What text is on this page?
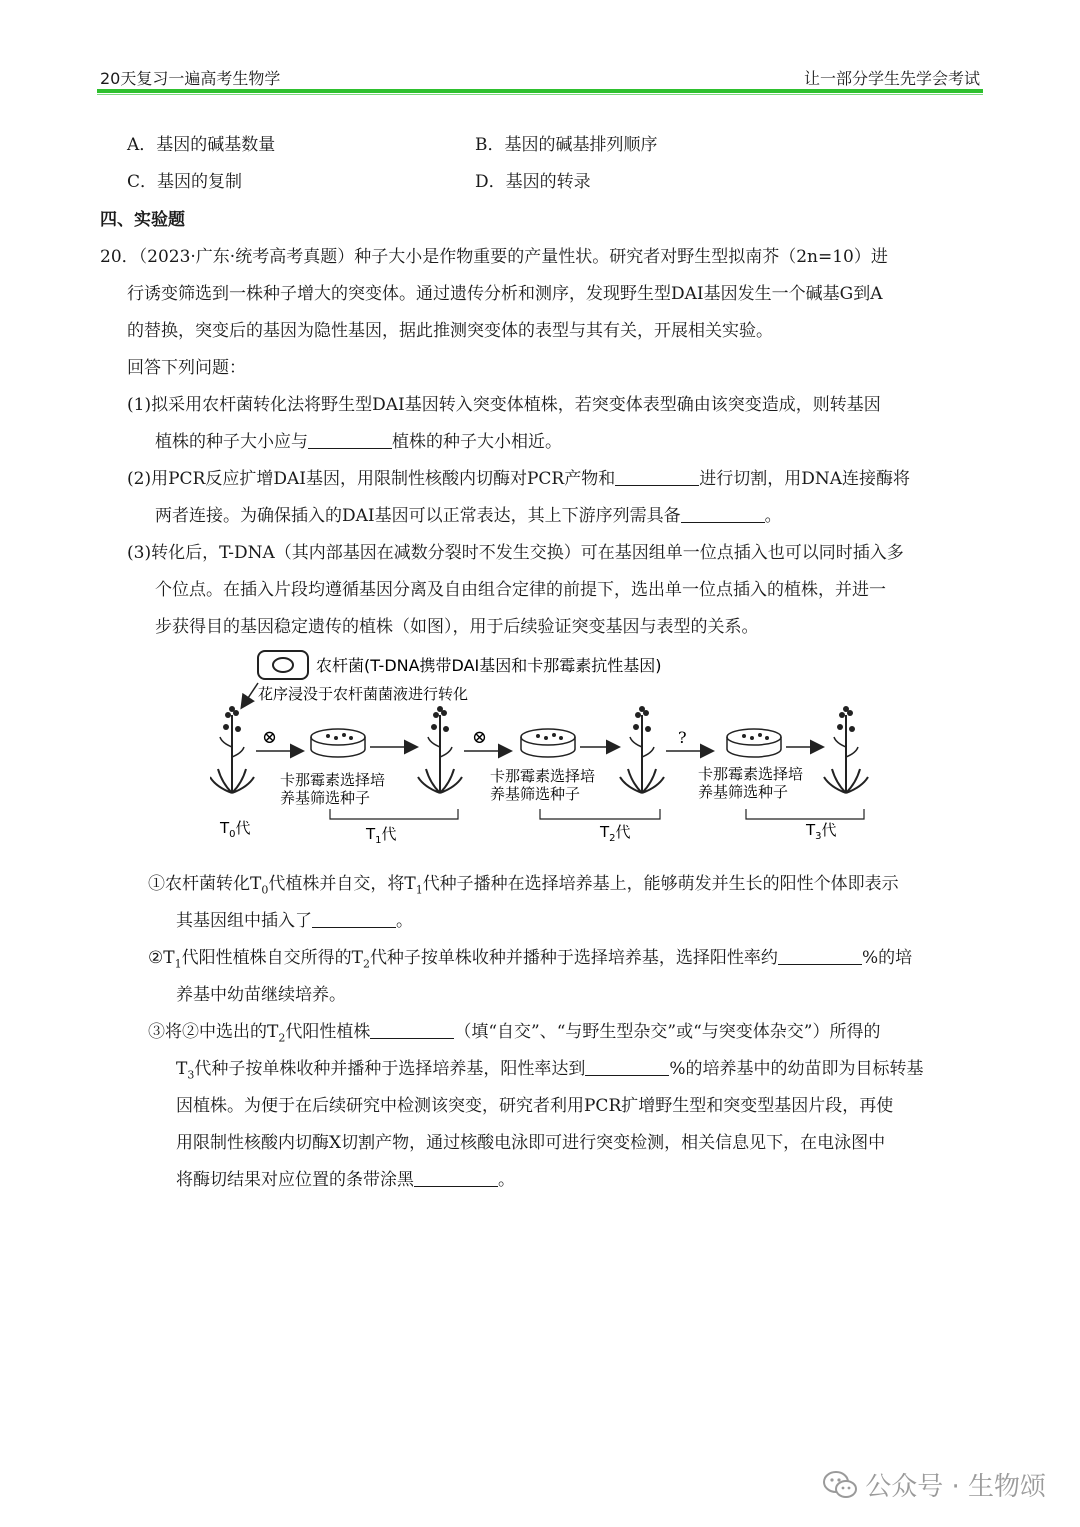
20天复习一遍高考生物学	让一部分学生先学会考试
A．基因的碱基数量	B．基因的碱基排列顺序
C．基因的复制	D．基因的转录
四、实验题
20．（2023·广东·统考高考真题）种子大小是作物重要的产量性状。研究者对野生型拟南芥（2n=10）进
行诱变筛选到一株种子增大的突变体。通过遗传分析和测序，发现野生型DAI基因发生一个碱基G到A
的替换，突变后的基因为隐性基因，据此推测突变体的表型与其有关，开展相关实验。
回答下列问题：
(1)拟采用农杆菌转化法将野生型DAI基因转入突变体植株，若突变体表型确由该突变造成，则转基因
植株的种子大小应与	植株的种子大小相近。
(2)用PCR反应扩增DAI基因，用限制性核酸内切酶对PCR产物和	进行切割，用DNA连接酶将
两者连接。为确保插入的DAI基因可以正常表达，其上下游序列需具备	。
(3)转化后，T-DNA（其内部基因在减数分裂时不发生交换）可在基因组单一位点插入也可以同时插入多
个位点。在插入片段均遵循基因分离及自由组合定律的前提下，选出单一位点插入的植株，并进一
步获得目的基因稳定遗传的植株（如图），用于后续验证突变基因与表型的关系。
农杆菌(T-DNA携带DAI基因和卡那霉素抗性基因)
花序浸没于农杆菌菌液进行转化
⊗	⊗	?
卡那霉素选择培
养基筛选种子
卡那霉素选择培
养基筛选种子
卡那霉素选择培
养基筛选种子
$T_0$代	$T_1$代	$T_2$代	$T_3$代
①农杆菌转化$T_0$代植株并自交，将$T_1$代种子播种在选择培养基上，能够萌发并生长的阳性个体即表示
其基因组中插入了	。
$②T_1$代阳性植株自交所得的$T_2$代种子按单株收种并播种于选择培养基，选择阳性率约	%的培
养基中幼苗继续培养。
③将②中选出的$T_2$代阳性植株	（填“自交”、“与野生型杂交”或“与突变体杂交”）所得的
$T_3$代种子按单株收种并播种于选择培养基，阳性率达到	%的培养基中的幼苗即为目标转基
因植株。为便于在后续研究中检测该突变，研究者利用PCR扩增野生型和突变型基因片段，再使
用限制性核酸内切酶X切割产物，通过核酸电泳即可进行突变检测，相关信息见下，在电泳图中
将酶切结果对应位置的条带涂黑	。
公众号 · 生物颂
